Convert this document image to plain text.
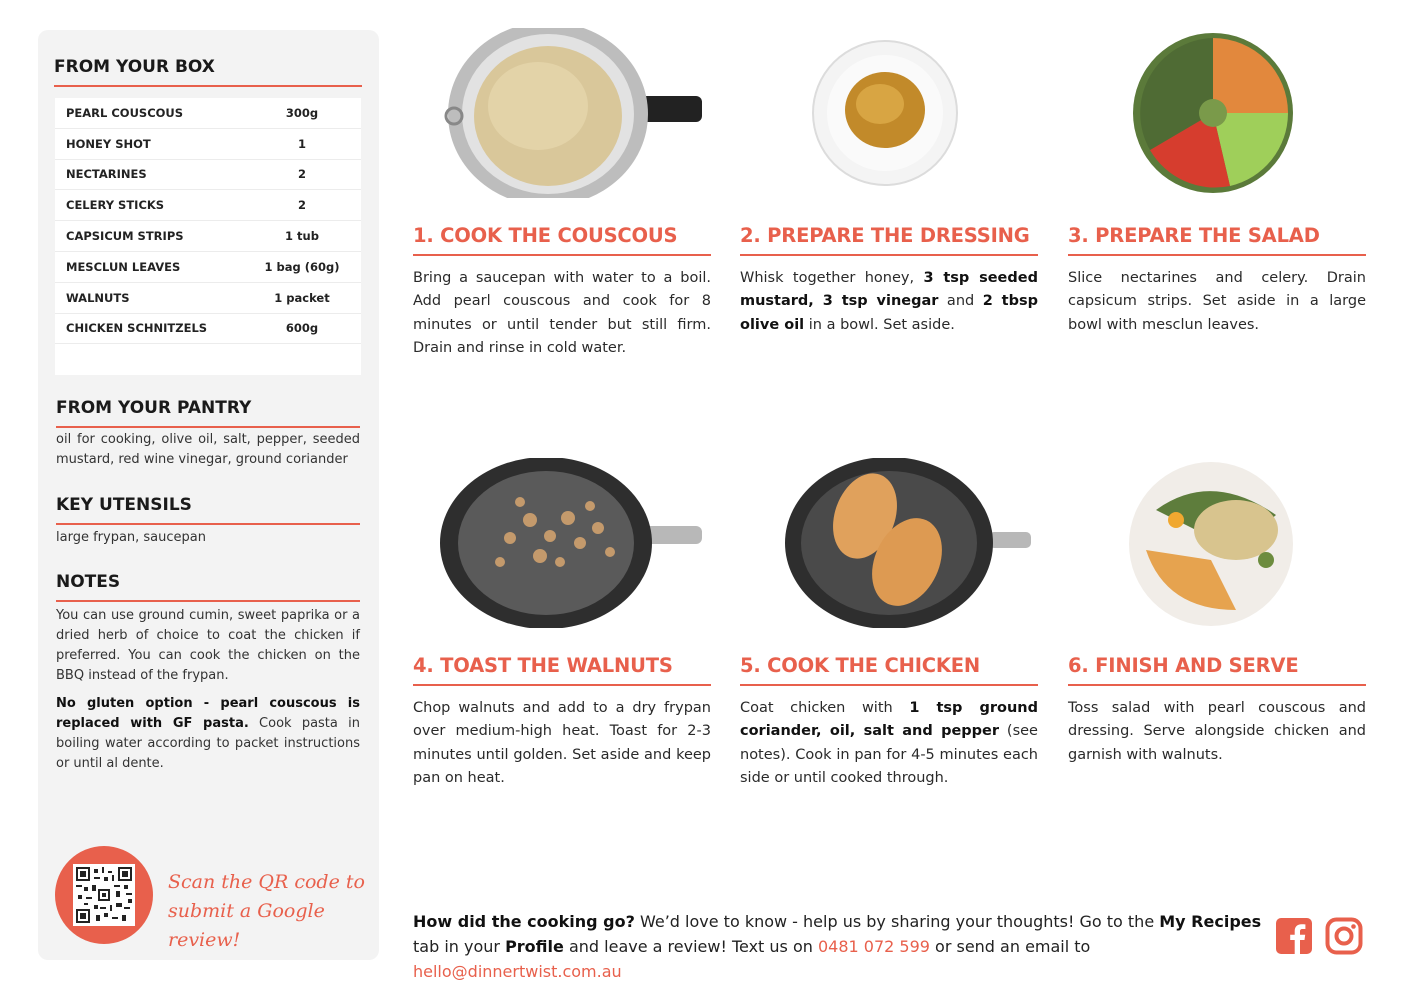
FROM YOUR BOX
PEARL COUSCOUS	300g
HONEY SHOT	1
NECTARINES	2
CELERY STICKS	2
CAPSICUM STRIPS	1 tub
MESCLUN LEAVES	1 bag (60g)
WALNUTS	1 packet
CHICKEN SCHNITZELS	600g
FROM YOUR PANTRY
oil for cooking, olive oil, salt, pepper, seeded mustard, red wine vinegar, ground coriander
KEY UTENSILS
large frypan, saucepan
NOTES
You can use ground cumin, sweet paprika or a dried herb of choice to coat the chicken if preferred. You can cook the chicken on the BBQ instead of the frypan.
No gluten option - pearl couscous is replaced with GF pasta. Cook pasta in boiling water according to packet instructions or until al dente.
Scan the QR code to
submit a Google review!
1. COOK THE COUSCOUS
Bring a saucepan with water to a boil. Add pearl couscous and cook for 8 minutes or until tender but still firm. Drain and rinse in cold water.
2. PREPARE THE DRESSING
Whisk together honey, 3 tsp seeded mustard, 3 tsp vinegar and 2 tbsp olive oil in a bowl. Set aside.
3. PREPARE THE SALAD
Slice nectarines and celery. Drain capsicum strips. Set aside in a large bowl with mesclun leaves.
4. TOAST THE WALNUTS
Chop walnuts and add to a dry frypan over medium-high heat. Toast for 2-3 minutes until golden. Set aside and keep pan on heat.
5. COOK THE CHICKEN
Coat chicken with 1 tsp ground coriander, oil, salt and pepper (see notes). Cook in pan for 4-5 minutes each side or until cooked through.
6. FINISH AND SERVE
Toss salad with pearl couscous and dressing. Serve alongside chicken and garnish with walnuts.
How did the cooking go? We’d love to know - help us by sharing your thoughts! Go to the My Recipes tab in your Profile and leave a review! Text us on 0481 072 599 or send an email to hello@dinnertwist.com.au
